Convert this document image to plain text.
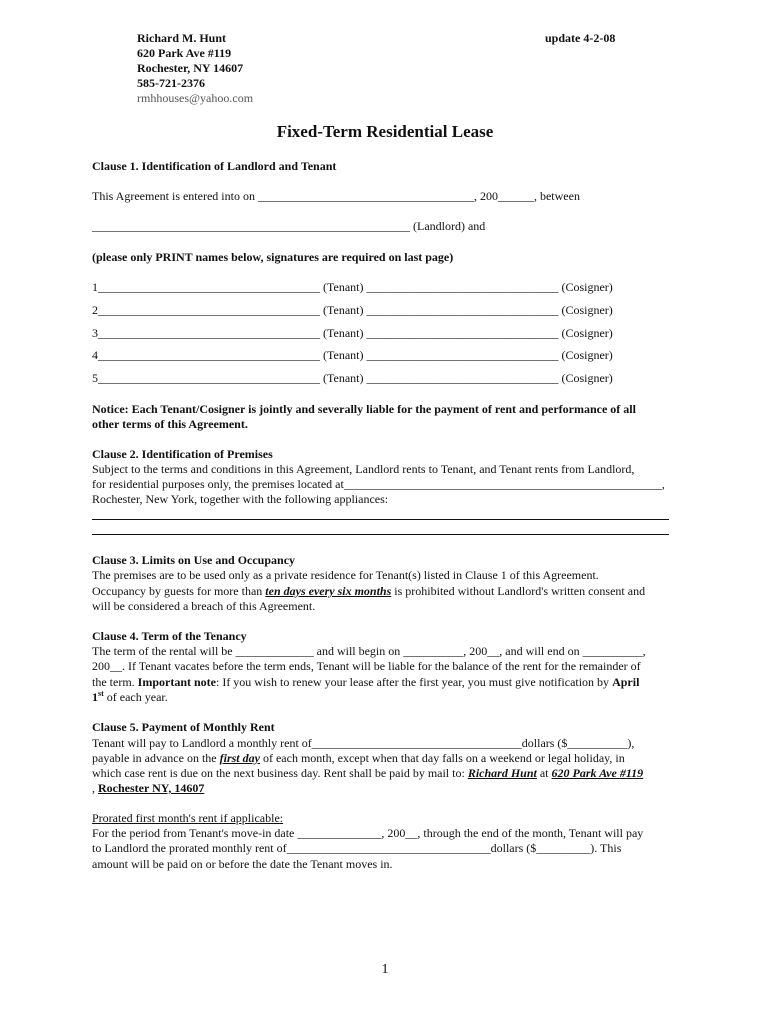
Richard M. Hunt
620 Park Ave #119
Rochester, NY 14607
585-721-2376
rmhhouses@yahoo.com
update 4-2-08
Fixed-Term Residential Lease
Clause 1. Identification of Landlord and Tenant
This Agreement is entered into on ____________________________________, 200______, between
_____________________________________________________ (Landlord) and
(please only PRINT names below, signatures are required on last page)
1_____________________________________ (Tenant) ________________________________ (Cosigner)
2_____________________________________ (Tenant) ________________________________ (Cosigner)
3_____________________________________ (Tenant) ________________________________ (Cosigner)
4_____________________________________ (Tenant) ________________________________ (Cosigner)
5_____________________________________ (Tenant) ________________________________ (Cosigner)
Notice: Each Tenant/Cosigner is jointly and severally liable for the payment of rent and performance of all
other terms of this Agreement.
Clause 2. Identification of Premises
Subject to the terms and conditions in this Agreement, Landlord rents to Tenant, and Tenant rents from Landlord,
for residential purposes only, the premises located at_____________________________________________________,
Rochester, New York, together with the following appliances:
Clause 3. Limits on Use and Occupancy
The premises are to be used only as a private residence for Tenant(s) listed in Clause 1 of this Agreement.
Occupancy by guests for more than ten days every six months is prohibited without Landlord's written consent and
will be considered a breach of this Agreement.
Clause 4. Term of the Tenancy
The term of the rental will be _____________ and will begin on __________, 200__, and will end on __________,
200__. If Tenant vacates before the term ends, Tenant will be liable for the balance of the rent for the remainder of
the term. Important note: If you wish to renew your lease after the first year, you must give notification by April
1st of each year.
Clause 5. Payment of Monthly Rent
Tenant will pay to Landlord a monthly rent of___________________________________dollars ($__________),
payable in advance on the first day of each month, except when that day falls on a weekend or legal holiday, in
which case rent is due on the next business day. Rent shall be paid by mail to: Richard Hunt at 620 Park Ave #119
, Rochester NY, 14607
Prorated first month's rent if applicable:
For the period from Tenant's move-in date ______________, 200__, through the end of the month, Tenant will pay
to Landlord the prorated monthly rent of__________________________________dollars ($_________). This
amount will be paid on or before the date the Tenant moves in.
1
